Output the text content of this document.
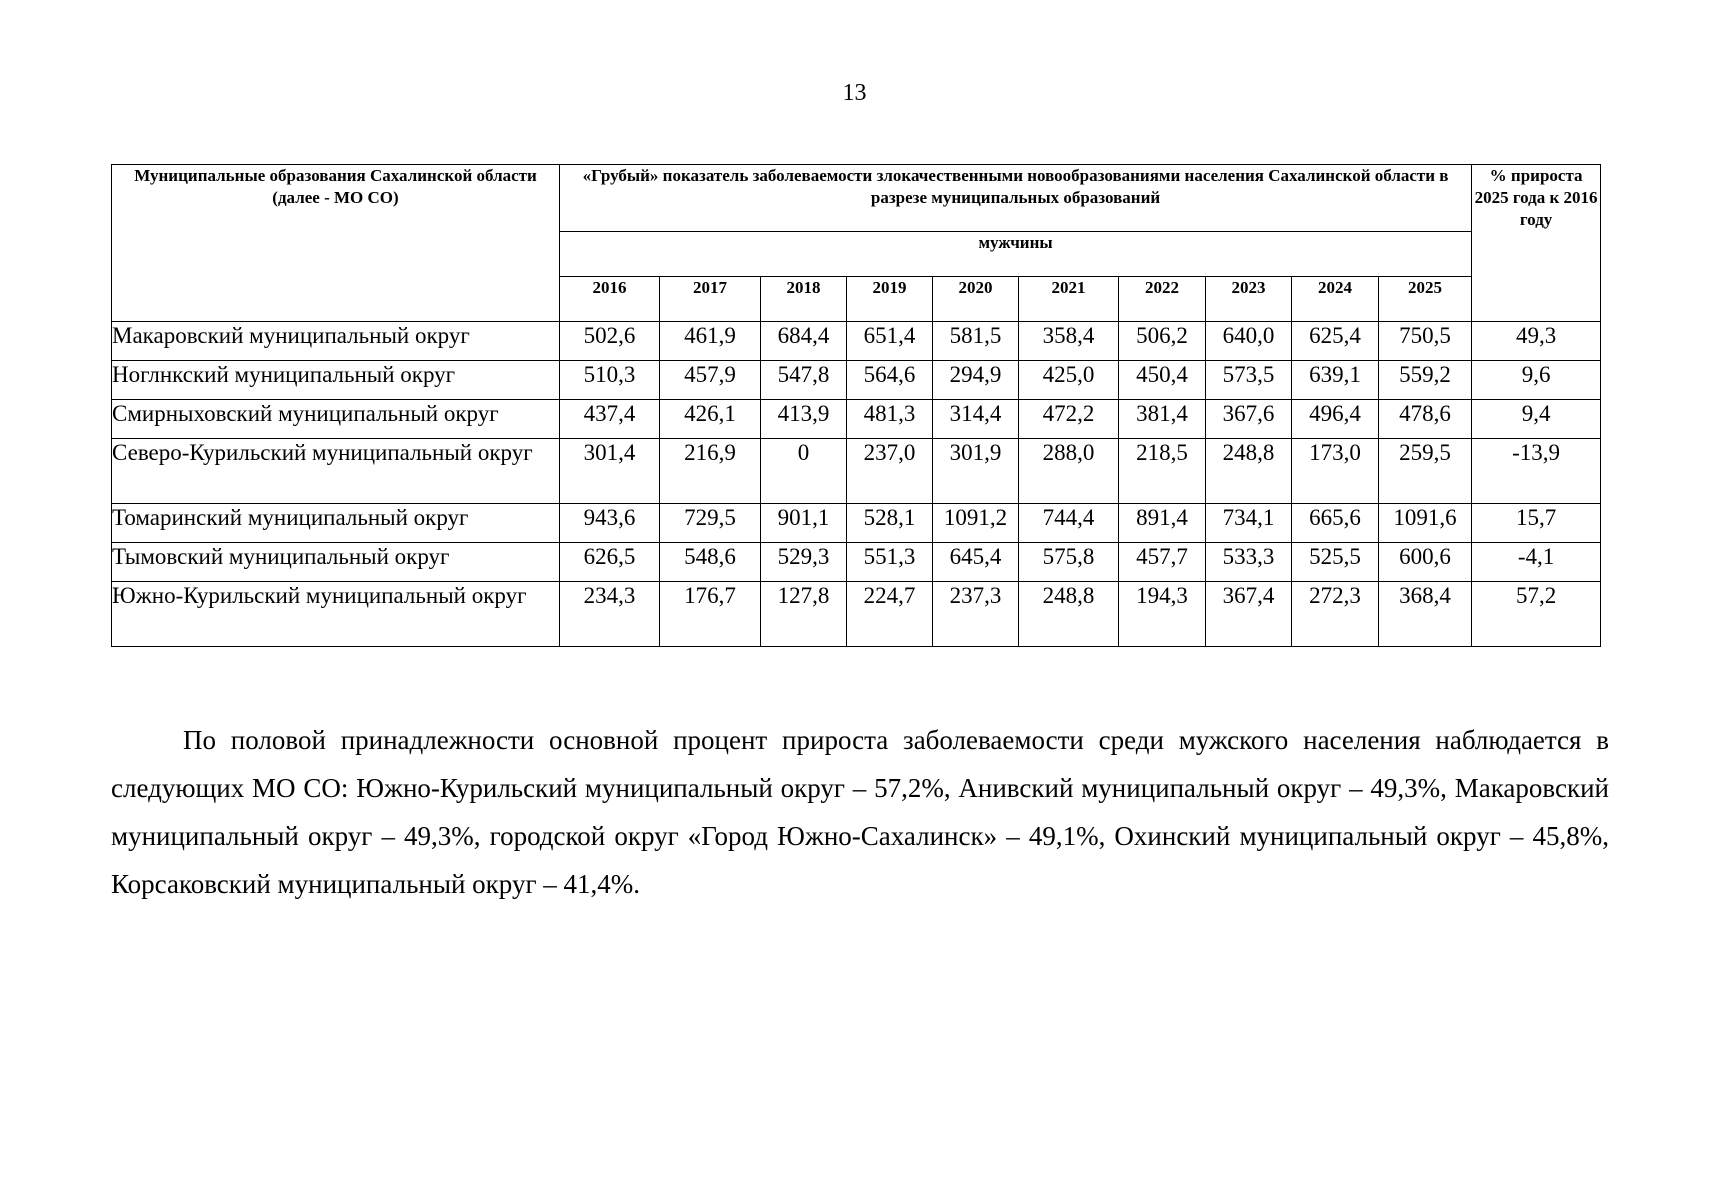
13
Муниципальные образования Сахалинской области (далее - МО СО)	«Грубый» показатель заболеваемости злокачественными новообразованиями населения Сахалинской области в разрезе муниципальных образований										% прироста 2025 года к 2016 году
	мужчины										
	2016	2017	2018	2019	2020	2021	2022	2023	2024	2025	
Макаровский муниципальный округ	502,6	461,9	684,4	651,4	581,5	358,4	506,2	640,0	625,4	750,5	49,3
Ноглнкский муниципальный округ	510,3	457,9	547,8	564,6	294,9	425,0	450,4	573,5	639,1	559,2	9,6
Смирныховский муниципальный округ	437,4	426,1	413,9	481,3	314,4	472,2	381,4	367,6	496,4	478,6	9,4
Северо-Курильский муниципальный округ	301,4	216,9	0	237,0	301,9	288,0	218,5	248,8	173,0	259,5	-13,9
Томаринский муниципальный округ	943,6	729,5	901,1	528,1	1091,2	744,4	891,4	734,1	665,6	1091,6	15,7
Тымовский муниципальный округ	626,5	548,6	529,3	551,3	645,4	575,8	457,7	533,3	525,5	600,6	-4,1
Южно-Курильский муниципальный округ	234,3	176,7	127,8	224,7	237,3	248,8	194,3	367,4	272,3	368,4	57,2
По половой принадлежности основной процент прироста заболеваемости среди мужского населения наблюдается в следующих МО СО: Южно-Курильский муниципальный округ – 57,2%, Анивский муниципальный округ – 49,3%, Макаровский муниципальный округ – 49,3%, городской округ «Город Южно-Сахалинск» – 49,1%, Охинский муниципальный округ – 45,8%, Корсаковский муниципальный округ – 41,4%.
